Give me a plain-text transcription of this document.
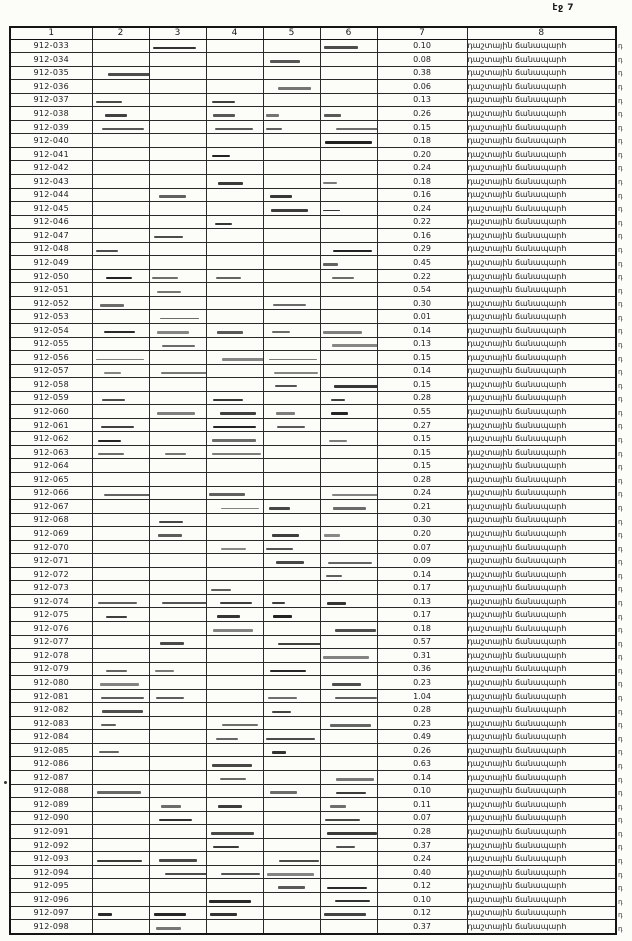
էջ 7
1	2	3	4	5	6	7	8
912-033						0.10	դաշտային ճանապարհ
912-034						0.08	դաշտային ճանապարհ
912-035						0.38	դաշտային ճանապարհ
912-036						0.06	դաշտային ճանապարհ
912-037						0.13	դաշտային ճանապարհ
912-038						0.26	դաշտային ճանապարհ
912-039						0.15	դաշտային ճանապարհ
912-040						0.18	դաշտային ճանապարհ
912-041						0.20	դաշտային ճանապարհ
912-042						0.24	դաշտային ճանապարհ
912-043						0.18	դաշտային ճանապարհ
912-044						0.16	դաշտային ճանապարհ
912-045						0.24	դաշտային ճանապարհ
912-046						0.22	դաշտային ճանապարհ
912-047						0.16	դաշտային ճանապարհ
912-048						0.29	դաշտային ճանապարհ
912-049						0.45	դաշտային ճանապարհ
912-050						0.22	դաշտային ճանապարհ
912-051						0.54	դաշտային ճանապարհ
912-052						0.30	դաշտային ճանապարհ
912-053						0.01	դաշտային ճանապարհ
912-054						0.14	դաշտային ճանապարհ
912-055						0.13	դաշտային ճանապարհ
912-056						0.15	դաշտային ճանապարհ
912-057						0.14	դաշտային ճանապարհ
912-058						0.15	դաշտային ճանապարհ
912-059						0.28	դաշտային ճանապարհ
912-060						0.55	դաշտային ճանապարհ
912-061						0.27	դաշտային ճանապարհ
912-062						0.15	դաշտային ճանապարհ
912-063						0.15	դաշտային ճանապարհ
912-064						0.15	դաշտային ճանապարհ
912-065						0.28	դաշտային ճանապարհ
912-066						0.24	դաշտային ճանապարհ
912-067						0.21	դաշտային ճանապարհ
912-068						0.30	դաշտային ճանապարհ
912-069						0.20	դաշտային ճանապարհ
912-070						0.07	դաշտային ճանապարհ
912-071						0.09	դաշտային ճանապարհ
912-072						0.14	դաշտային ճանապարհ
912-073						0.17	դաշտային ճանապարհ
912-074						0.13	դաշտային ճանապարհ
912-075						0.17	դաշտային ճանապարհ
912-076						0.18	դաշտային ճանապարհ
912-077						0.57	դաշտային ճանապարհ
912-078						0.31	դաշտային ճանապարհ
912-079						0.36	դաշտային ճանապարհ
912-080						0.23	դաշտային ճանապարհ
912-081						1.04	դաշտային ճանապարհ
912-082						0.28	դաշտային ճանապարհ
912-083						0.23	դաշտային ճանապարհ
912-084						0.49	դաշտային ճանապարհ
912-085						0.26	դաշտային ճանապարհ
912-086						0.63	դաշտային ճանապարհ
912-087						0.14	դաշտային ճանապարհ
912-088						0.10	դաշտային ճանապարհ
912-089						0.11	դաշտային ճանապարհ
912-090						0.07	դաշտային ճանապարհ
912-091						0.28	դաշտային ճանապարհ
912-092						0.37	դաշտային ճանապարհ
912-093						0.24	դաշտային ճանապարհ
912-094						0.40	դաշտային ճանապարհ
912-095						0.12	դաշտային ճանապարհ
912-096						0.10	դաշտային ճանապարհ
912-097						0.12	դաշտային ճանապարհ
912-098						0.37	դաշտային ճանապարհ
դ
դ
դ
դ
դ
դ
դ
դ
դ
դ
դ
դ
դ
դ
դ
դ
դ
դ
դ
դ
դ
դ
դ
դ
դ
դ
դ
դ
դ
դ
դ
դ
դ
դ
դ
դ
դ
դ
դ
դ
դ
դ
դ
դ
դ
դ
դ
դ
դ
դ
դ
դ
դ
դ
դ
դ
դ
դ
դ
դ
դ
դ
դ
դ
դ
դ
